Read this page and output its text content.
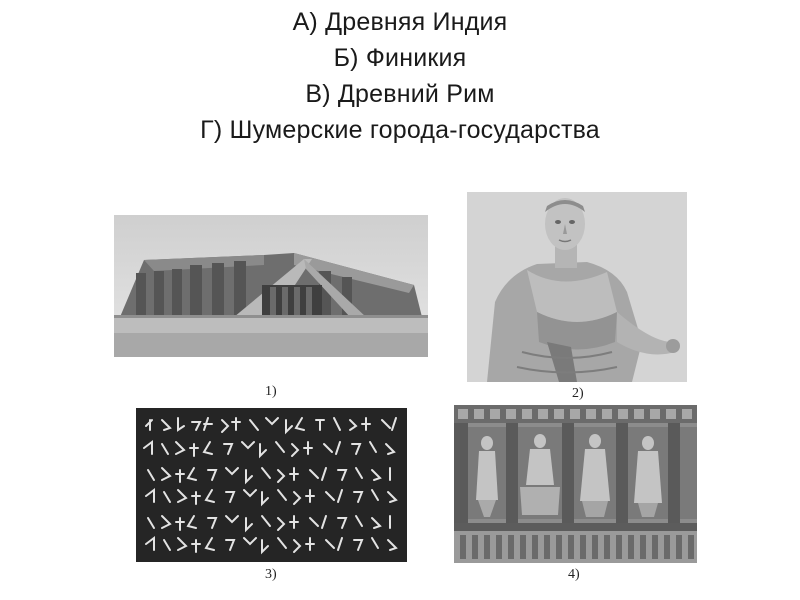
А) Древняя Индия
Б) Финикия
В) Древний Рим
Г) Шумерские города-государства
1)	2)
3)	4)
